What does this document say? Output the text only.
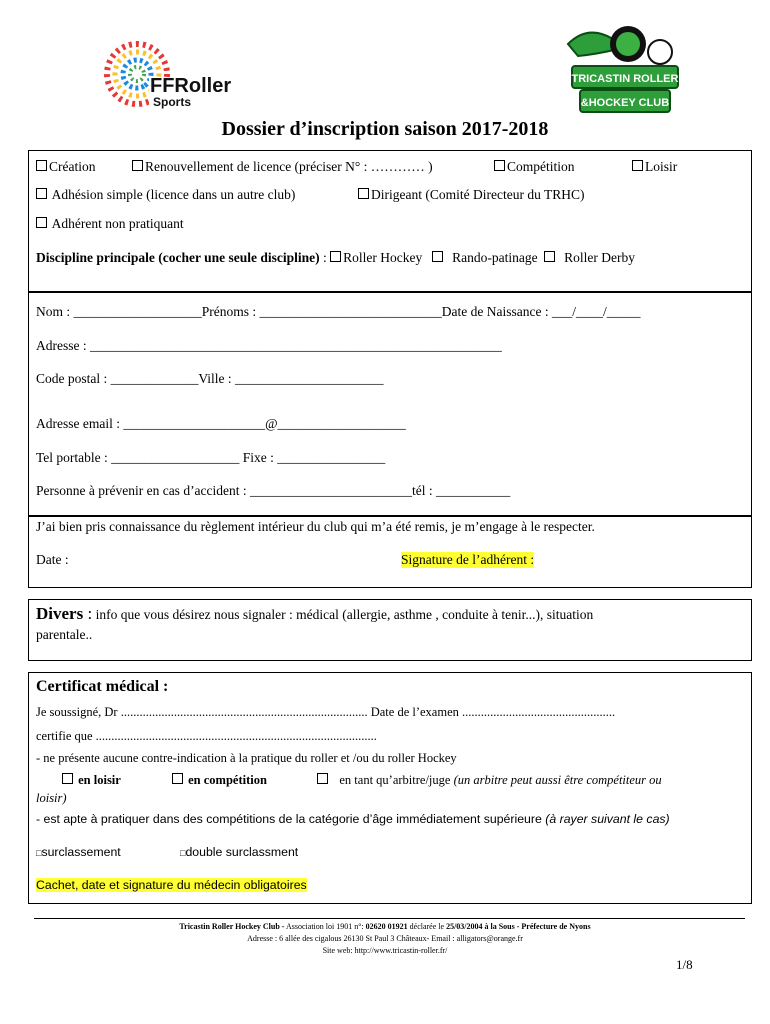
FFRoller
Sports
TRICASTIN ROLLER
&HOCKEY CLUB
Dossier d’inscription saison 2017-2018
Création	Renouvellement de licence (préciser N° : ………… )	Compétition	Loisir
Adhésion simple (licence dans un autre club)	Dirigeant (Comité Directeur du TRHC)
Adhérent non pratiquant
Discipline principale (cocher une seule discipline) : Roller Hockey Rando-patinage Roller Derby
Nom : ___________________Prénoms : ___________________________Date de Naissance : ___/____/_____
Adresse : _____________________________________________________________
Code postal : _____________Ville : ______________________
Adresse email : _____________________@___________________
Tel portable : ___________________ Fixe : ________________
Personne à prévenir en cas d’accident : ________________________tél : ___________
J’ai bien pris connaissance du règlement intérieur du club qui m’a été remis, je m’engage à le respecter.
Date :	Signature de l’adhérent :
Divers : info que vous désirez nous signaler : médical (allergie, asthme , conduite à tenir...), situation
parentale..
Certificat médical :
Je soussigné, Dr ............................................................................... Date de l’examen .................................................
certifie que ..........................................................................................
- ne présente aucune contre-indication à la pratique du roller et /ou du roller Hockey
en loisir	en compétition	en tant qu’arbitre/juge (un arbitre peut aussi être compétiteur ou
loisir)
- est apte à pratiquer dans des compétitions de la catégorie d’âge immédiatement supérieure (à rayer suivant le cas)
□surclassement	□double surclassment
Cachet, date et signature du médecin obligatoires
Tricastin Roller Hockey Club - Association loi 1901 n°: 02620 01921 déclarée le 25/03/2004 à la Sous - Préfecture de Nyons
Adresse : 6 allée des cigalous 26130 St Paul 3 Châteaux- Email : alligators@orange.fr
Site web: http://www.tricastin-roller.fr/
1/8
